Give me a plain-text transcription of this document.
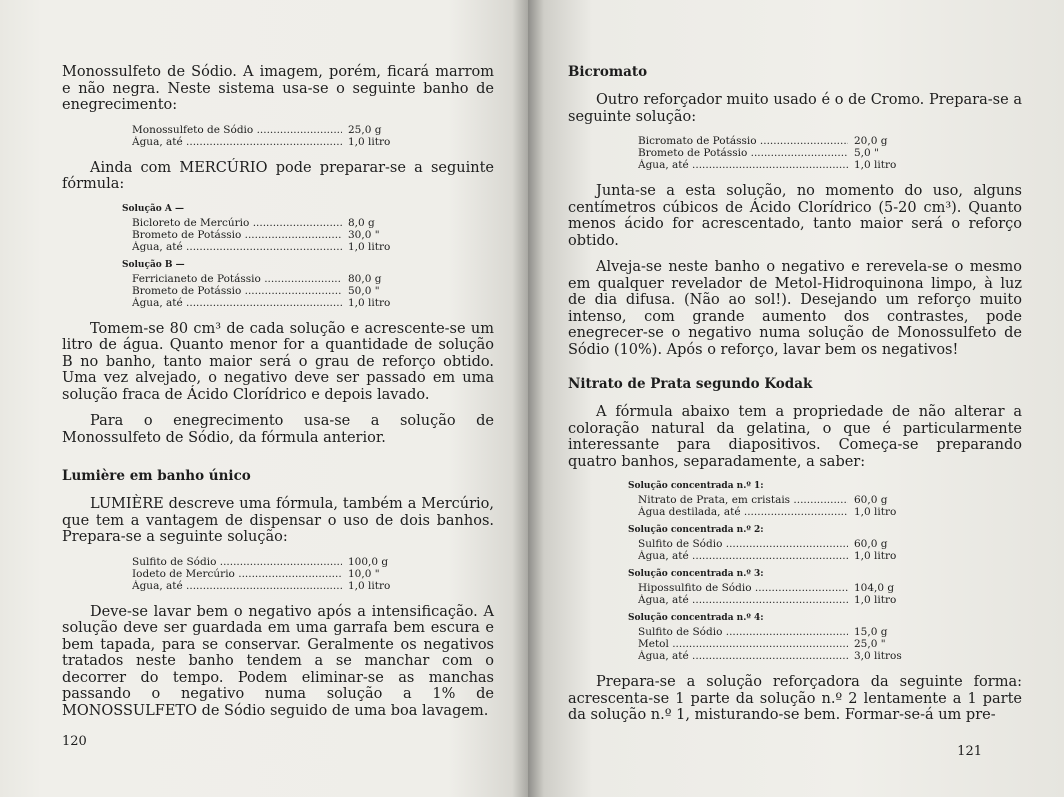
Monossulfeto de Sódio. A imagem, porém, ficará marrom e não negra. Neste sistema usa-se o seguinte banho de enegrecimento:

Monossulfeto de Sódio .....	25,0 g
Água, até .....	1,0 litro

Ainda com MERCÚRIO pode preparar-se a seguinte fórmula:

Solução A —
Bicloreto de Mercúrio .....	8,0 g
Brometo de Potássio .....	30,0 "
Água, até .....	1,0 litro
Solução B —
Ferricianeto de Potássio .....	80,0 g
Brometo de Potássio .....	50,0 "
Água, até .....	1,0 litro

Tomem-se 80 cm³ de cada solução e acrescente-se um litro de água. Quanto menor for a quantidade de solução B no banho, tanto maior será o grau de reforço obtido. Uma vez alvejado, o negativo deve ser passado em uma solução fraca de Ácido Clorídrico e depois lavado.

Para o enegrecimento usa-se a solução de Monossulfeto de Sódio, da fórmula anterior.

Lumière em banho único

LUMIÈRE descreve uma fórmula, também a Mercúrio, que tem a vantagem de dispensar o uso de dois banhos. Prepara-se a seguinte solução:

Sulfito de Sódio .....	100,0 g
Iodeto de Mercúrio .....	10,0 "
Água, até .....	1,0 litro

Deve-se lavar bem o negativo após a intensificação. A solução deve ser guardada em uma garrafa bem escura e bem tapada, para se conservar. Geralmente os negativos tratados neste banho tendem a se manchar com o decorrer do tempo. Podem eliminar-se as manchas passando o negativo numa solução a 1% de MONOSSULFETO de Sódio seguido de uma boa lavagem.

120
Bicromato

Outro reforçador muito usado é o de Cromo. Prepara-se a seguinte solução:

Bicromato de Potássio .....	20,0 g
Brometo de Potássio .....	5,0 "
Água, até .....	1,0 litro

Junta-se a esta solução, no momento do uso, alguns centímetros cúbicos de Ácido Clorídrico (5-20 cm³). Quanto menos ácido for acrescentado, tanto maior será o reforço obtido.

Alveja-se neste banho o negativo e rerevela-se o mesmo em qualquer revelador de Metol-Hidroquinona limpo, à luz de dia difusa. (Não ao sol!). Desejando um reforço muito intenso, com grande aumento dos contrastes, pode enegrecer-se o negativo numa solução de Monossulfeto de Sódio (10%). Após o reforço, lavar bem os negativos!

Nitrato de Prata segundo Kodak

A fórmula abaixo tem a propriedade de não alterar a coloração natural da gelatina, o que é particularmente interessante para diapositivos. Começa-se preparando quatro banhos, separadamente, a saber:

Solução concentrada n.º 1:
Nitrato de Prata, em cristais .....	60,0 g
Água destilada, até .....	1,0 litro
Solução concentrada n.º 2:
Sulfito de Sódio .....	60,0 g
Água, até .....	1,0 litro
Solução concentrada n.º 3:
Hipossulfito de Sódio .....	104,0 g
Água, até .....	1,0 litro
Solução concentrada n.º 4:
Sulfito de Sódio .....	15,0 g
Metol .....	25,0 "
Água, até .....	3,0 litros

Prepara-se a solução reforçadora da seguinte forma: acrescenta-se 1 parte da solução n.º 2 lentamente a 1 parte da solução n.º 1, misturando-se bem. Formar-se-á um pre-

121
